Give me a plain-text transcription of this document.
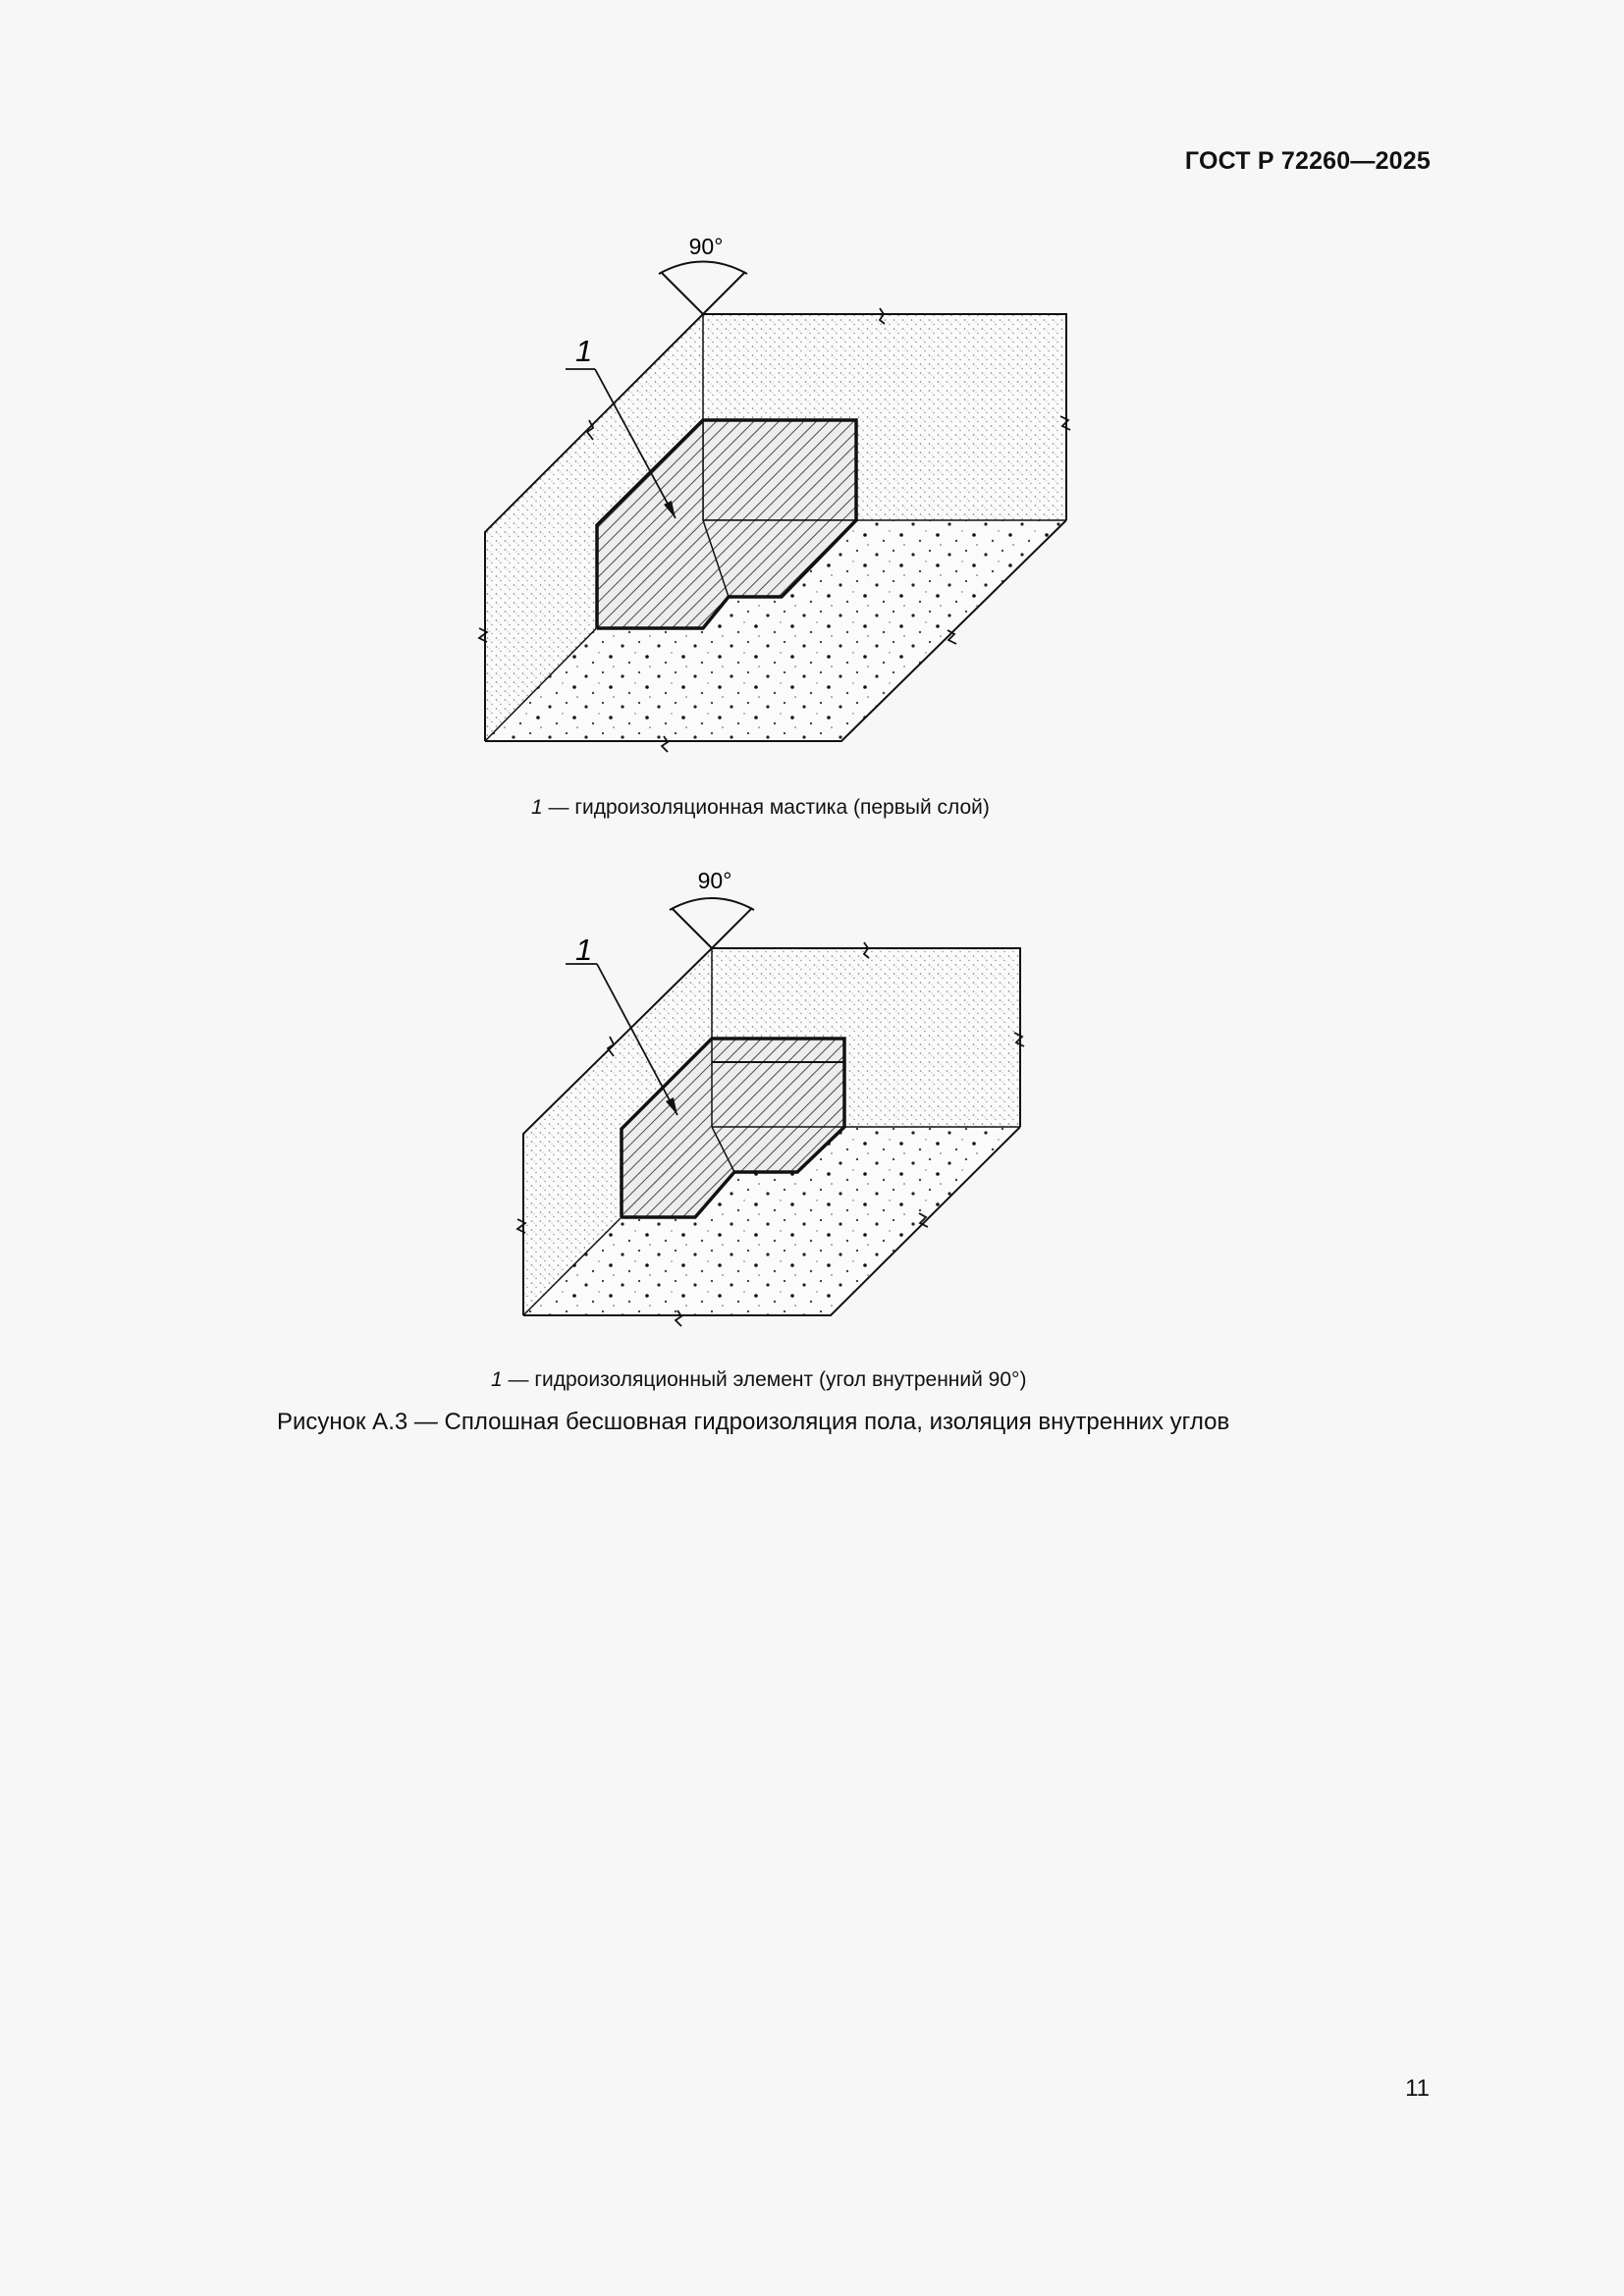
ГОСТ Р 72260—2025
90°
1
90°
1
1 — гидроизоляционная мастика (первый слой)
1 — гидроизоляционный элемент (угол внутренний 90°)
Рисунок А.3 — Сплошная бесшовная гидроизоляция пола, изоляция внутренних углов
11
